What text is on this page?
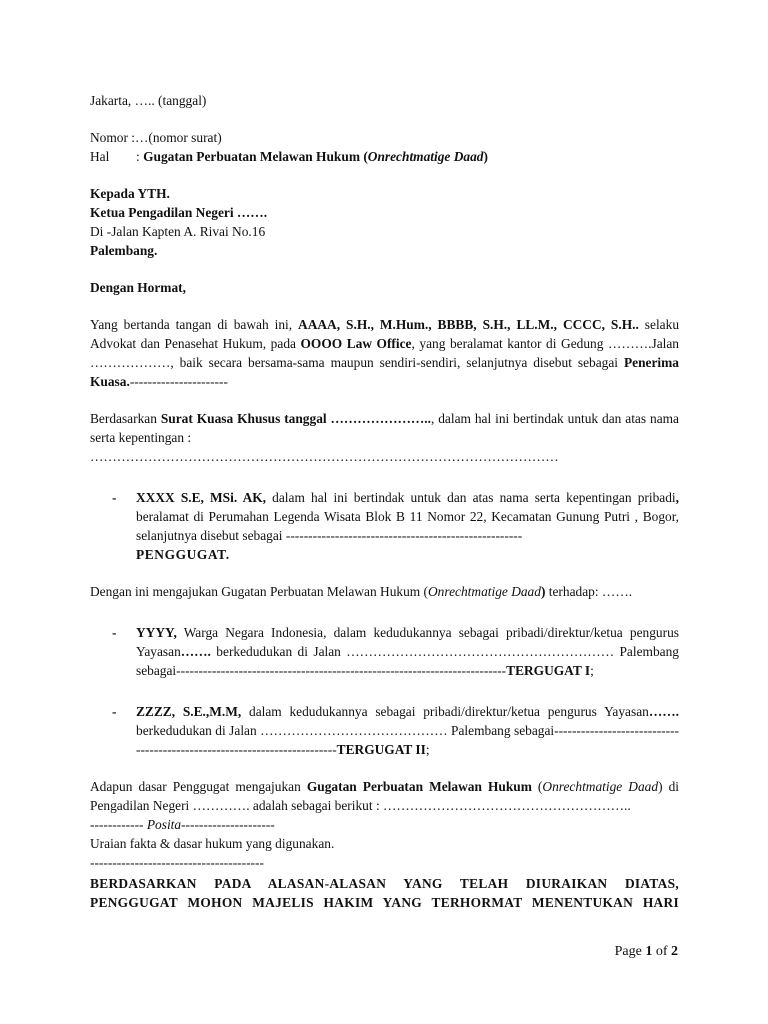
Jakarta, ….. (tanggal)

Nomor :…(nomor surat)

Hal : Gugatan Perbuatan Melawan Hukum (Onrechtmatige Daad)

Kepada YTH.

Ketua Pengadilan Negeri …….

Di -Jalan Kapten A. Rivai No.16

Palembang.

Dengan Hormat,

Yang bertanda tangan di bawah ini, AAAA, S.H., M.Hum., BBBB, S.H., LL.M., CCCC, S.H.. selaku Advokat dan Penasehat Hukum, pada OOOO Law Office, yang beralamat kantor di Gedung ……….Jalan ………………, baik secara bersama-sama maupun sendiri-sendiri, selanjutnya disebut sebagai Penerima Kuasa.----------------------

Berdasarkan Surat Kuasa Khusus tanggal ………………….., dalam hal ini bertindak untuk dan atas nama serta kepentingan :

……………………………………………………………………………………………

- XXXX S.E, MSi. AK, dalam hal ini bertindak untuk dan atas nama serta kepentingan pribadi, beralamat di Perumahan Legenda Wisata Blok B 11 Nomor 22, Kecamatan Gunung Putri , Bogor, selanjutnya disebut sebagai -----------------------------------------------------

PENGGUGAT.

Dengan ini mengajukan Gugatan Perbuatan Melawan Hukum (Onrechtmatige Daad) terhadap: …….

- YYYY, Warga Negara Indonesia, dalam kedudukannya sebagai pribadi/direktur/ketua pengurus Yayasan……. berkedudukan di Jalan …………………………………………………… Palembang sebagai--------------------------------------------------------------------------TERGUGAT I;

- ZZZZ, S.E.,M.M, dalam kedudukannya sebagai pribadi/direktur/ketua pengurus Yayasan……. berkedudukan di Jalan …………………………………… Palembang sebagai-------------------------------------------------------------------------TERGUGAT II;

Adapun dasar Penggugat mengajukan Gugatan Perbuatan Melawan Hukum (Onrechtmatige Daad) di Pengadilan Negeri …………. adalah sebagai berikut : ………………………………………………..

------------ Posita---------------------

Uraian fakta & dasar hukum yang digunakan.

---------------------------------------

BERDASARKAN PADA ALASAN-ALASAN YANG TELAH DIURAIKAN DIATAS,

PENGGUGAT MOHON MAJELIS HAKIM YANG TERHORMAT MENENTUKAN HARI

Page 1 of 2
